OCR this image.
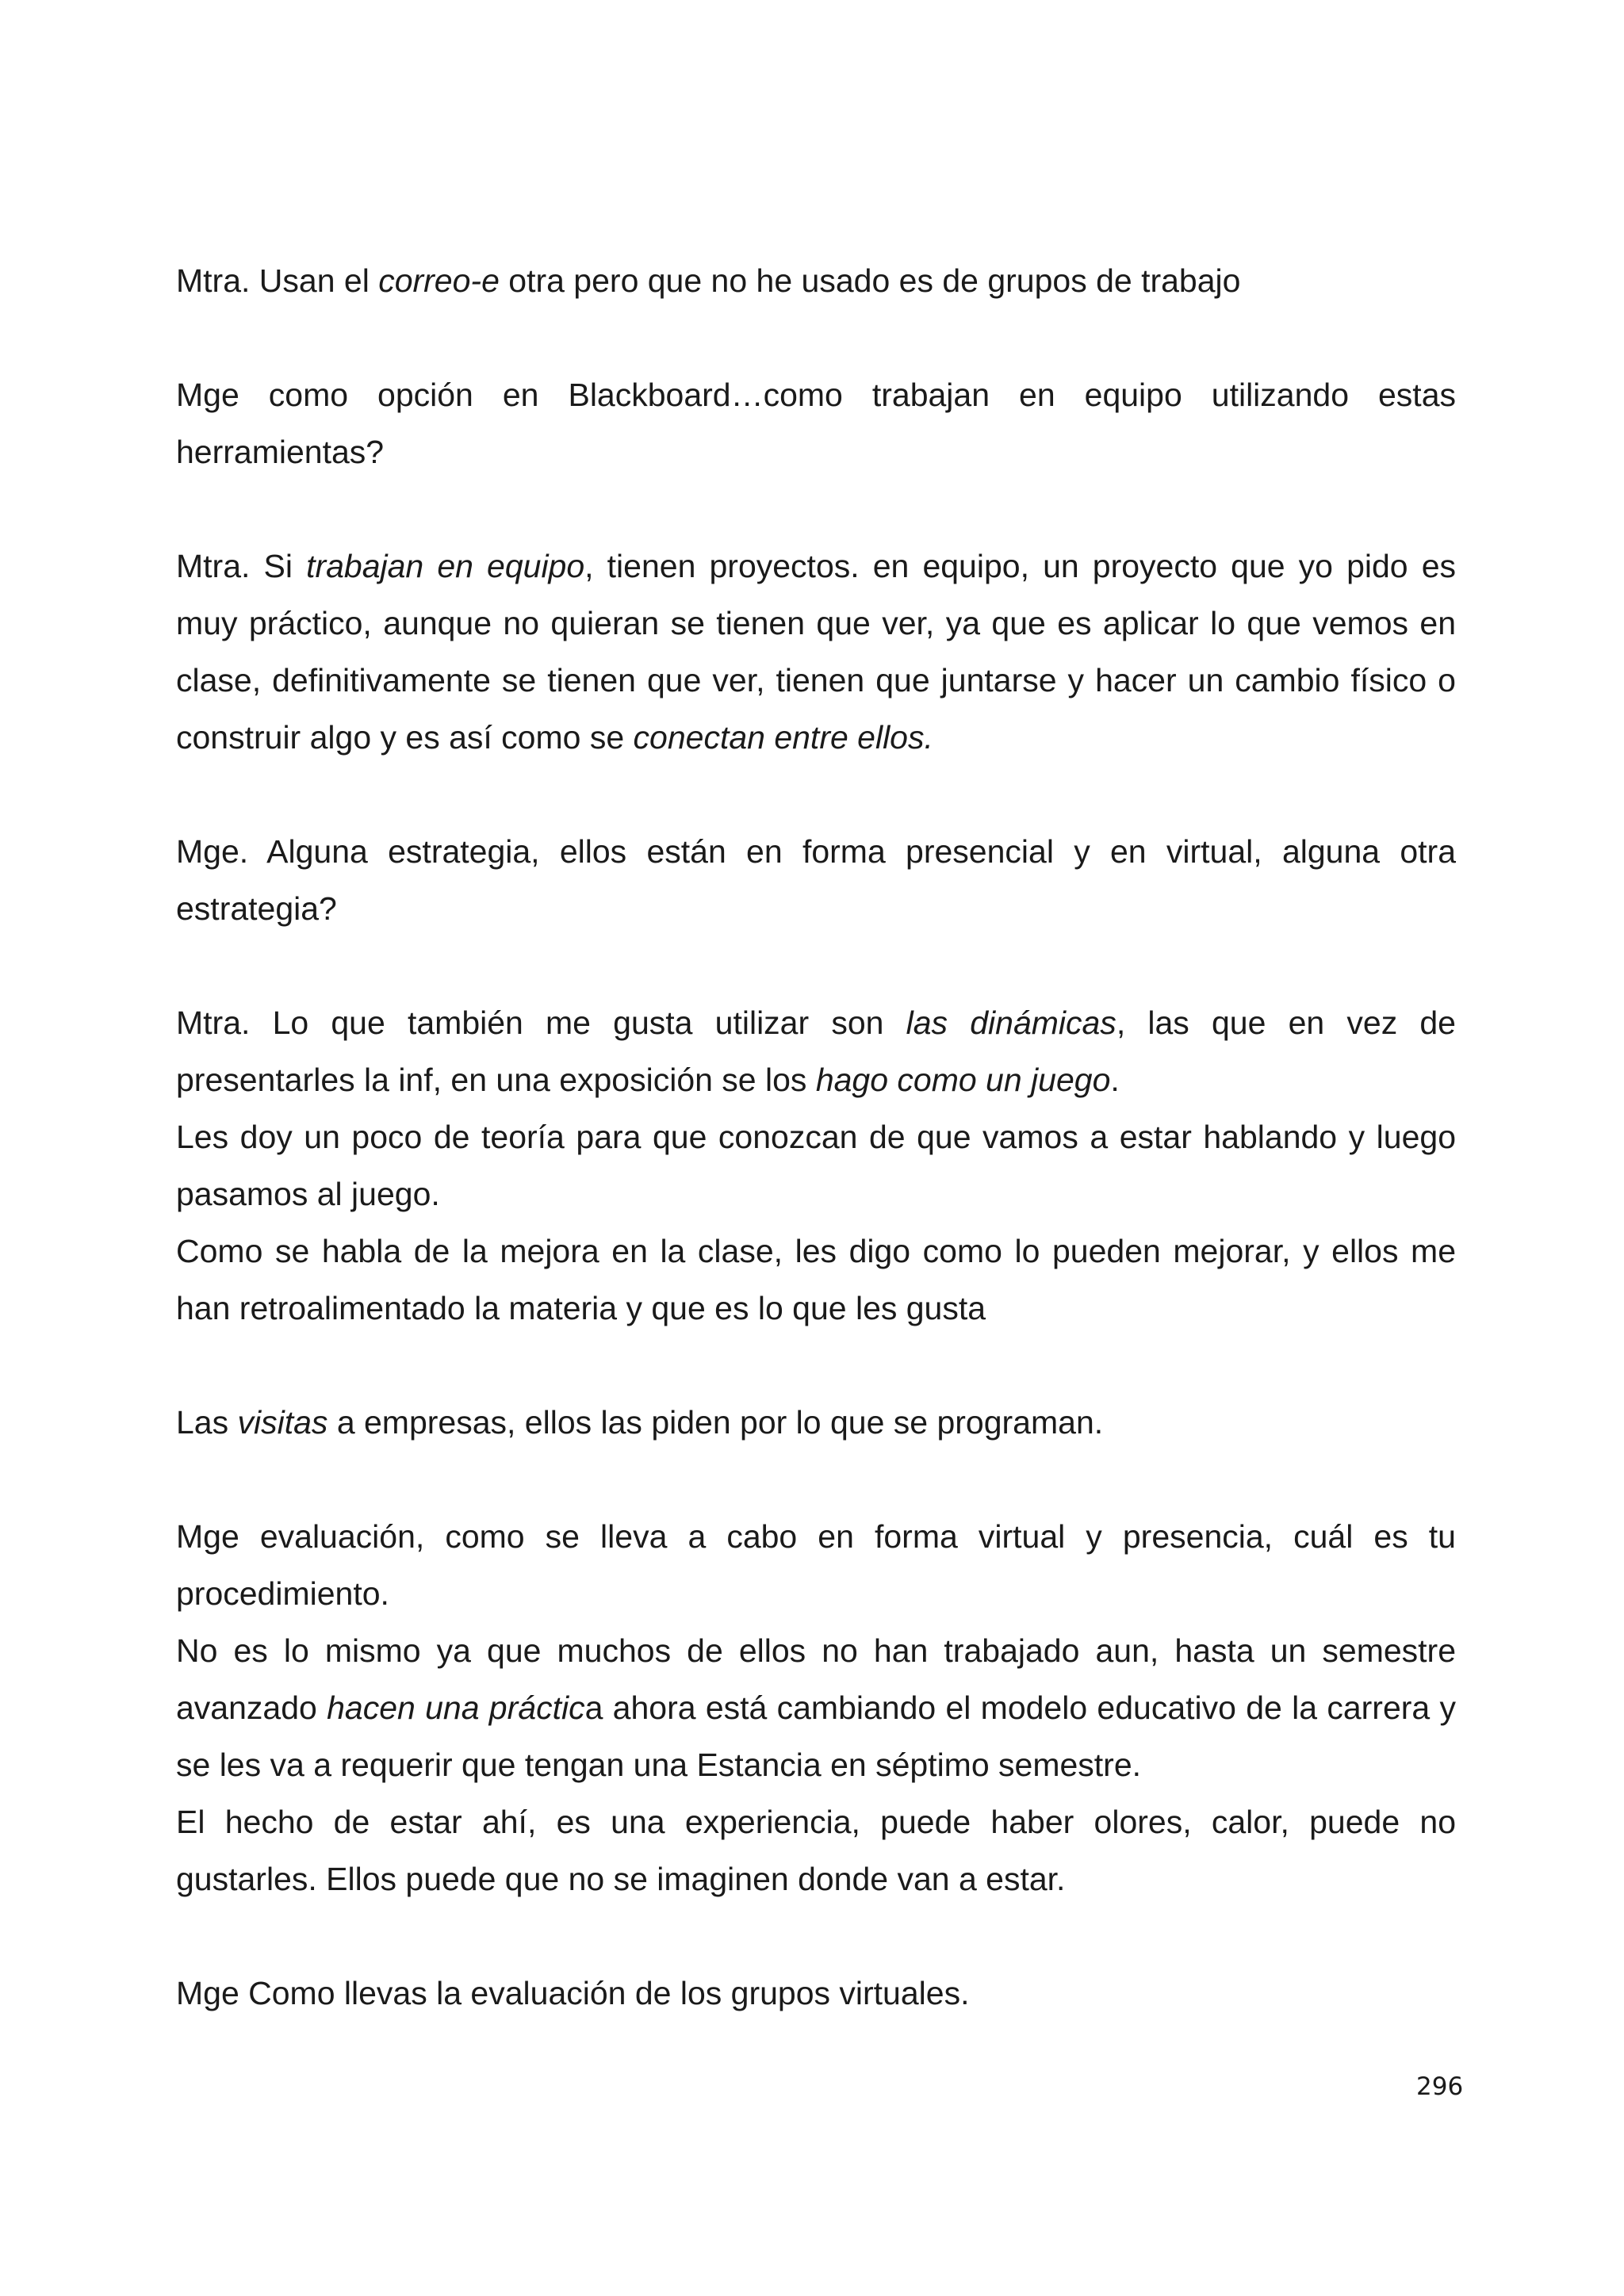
Mtra. Usan el correo-e otra pero que no he usado es de grupos de trabajo

Mge como opción en Blackboard…como trabajan en equipo utilizando estas herramientas?

Mtra. Si trabajan en equipo, tienen proyectos. en equipo, un proyecto que yo pido es muy práctico, aunque no quieran se tienen que ver, ya que es aplicar lo que vemos en clase, definitivamente se tienen que ver, tienen que juntarse y hacer un cambio físico o construir algo y es así como se conectan entre ellos.

Mge. Alguna estrategia, ellos están en forma presencial y en virtual, alguna otra estrategia?

Mtra. Lo que también me gusta utilizar son las dinámicas, las que en vez de presentarles la inf, en una exposición se los hago como un juego.

Les doy un poco de teoría para que conozcan de que vamos a estar hablando y luego pasamos al juego.

Como se habla de la mejora en la clase, les digo como lo pueden mejorar, y ellos me han retroalimentado la materia y que es lo que les gusta

Las visitas a empresas, ellos las piden por lo que se programan.

Mge evaluación, como se lleva a cabo en forma virtual y presencia, cuál es tu procedimiento.

No es lo mismo ya que muchos de ellos no han trabajado aun, hasta un semestre avanzado hacen una práctica ahora está cambiando el modelo educativo de la carrera y se les va a requerir que tengan una Estancia en séptimo semestre.

El hecho de estar ahí, es una experiencia, puede haber olores, calor, puede no gustarles. Ellos puede que no se imaginen donde van a estar.

Mge Como llevas la evaluación de los grupos virtuales.

296
